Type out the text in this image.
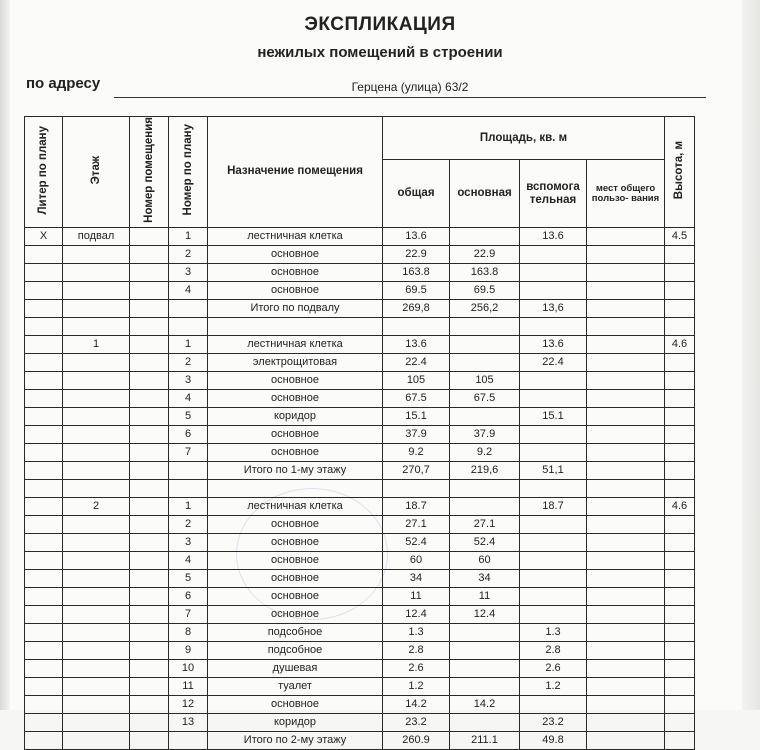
ЭКСПЛИКАЦИЯ
нежилых помещений в строении
по адресу	Герцена (улица) 63/2
Литер по плану	Этаж	Номер помещения	Номер по плану	Назначение помещения	Площадь, кв. м				Высота, м
					общая	основная	вспомога тельная	мест общего пользо- вания	
Х	подвал		1	лестничная клетка	13.6		13.6		4.5
			2	основное	22.9	22.9			
			3	основное	163.8	163.8			
			4	основное	69.5	69.5			
				Итого по подвалу	269,8	256,2	13,6		

	1		1	лестничная клетка	13.6		13.6		4.6
			2	электрощитовая	22.4		22.4		
			3	основное	105	105			
			4	основное	67.5	67.5			
			5	коридор	15.1		15.1		
			6	основное	37.9	37.9			
			7	основное	9.2	9.2			
				Итого по 1-му этажу	270,7	219,6	51,1		

	2		1	лестничная клетка	18.7		18.7		4.6
			2	основное	27.1	27.1			
			3	основное	52.4	52.4			
			4	основное	60	60			
			5	основное	34	34			
			6	основное	11	11			
			7	основное	12.4	12.4			
			8	подсобное	1.3		1.3		
			9	подсобное	2.8		2.8		
			10	душевая	2.6		2.6		
			11	туалет	1.2		1.2		
			12	основное	14.2	14.2			
			13	коридор	23.2		23.2		
				Итого по 2-му этажу	260.9	211.1	49.8		
